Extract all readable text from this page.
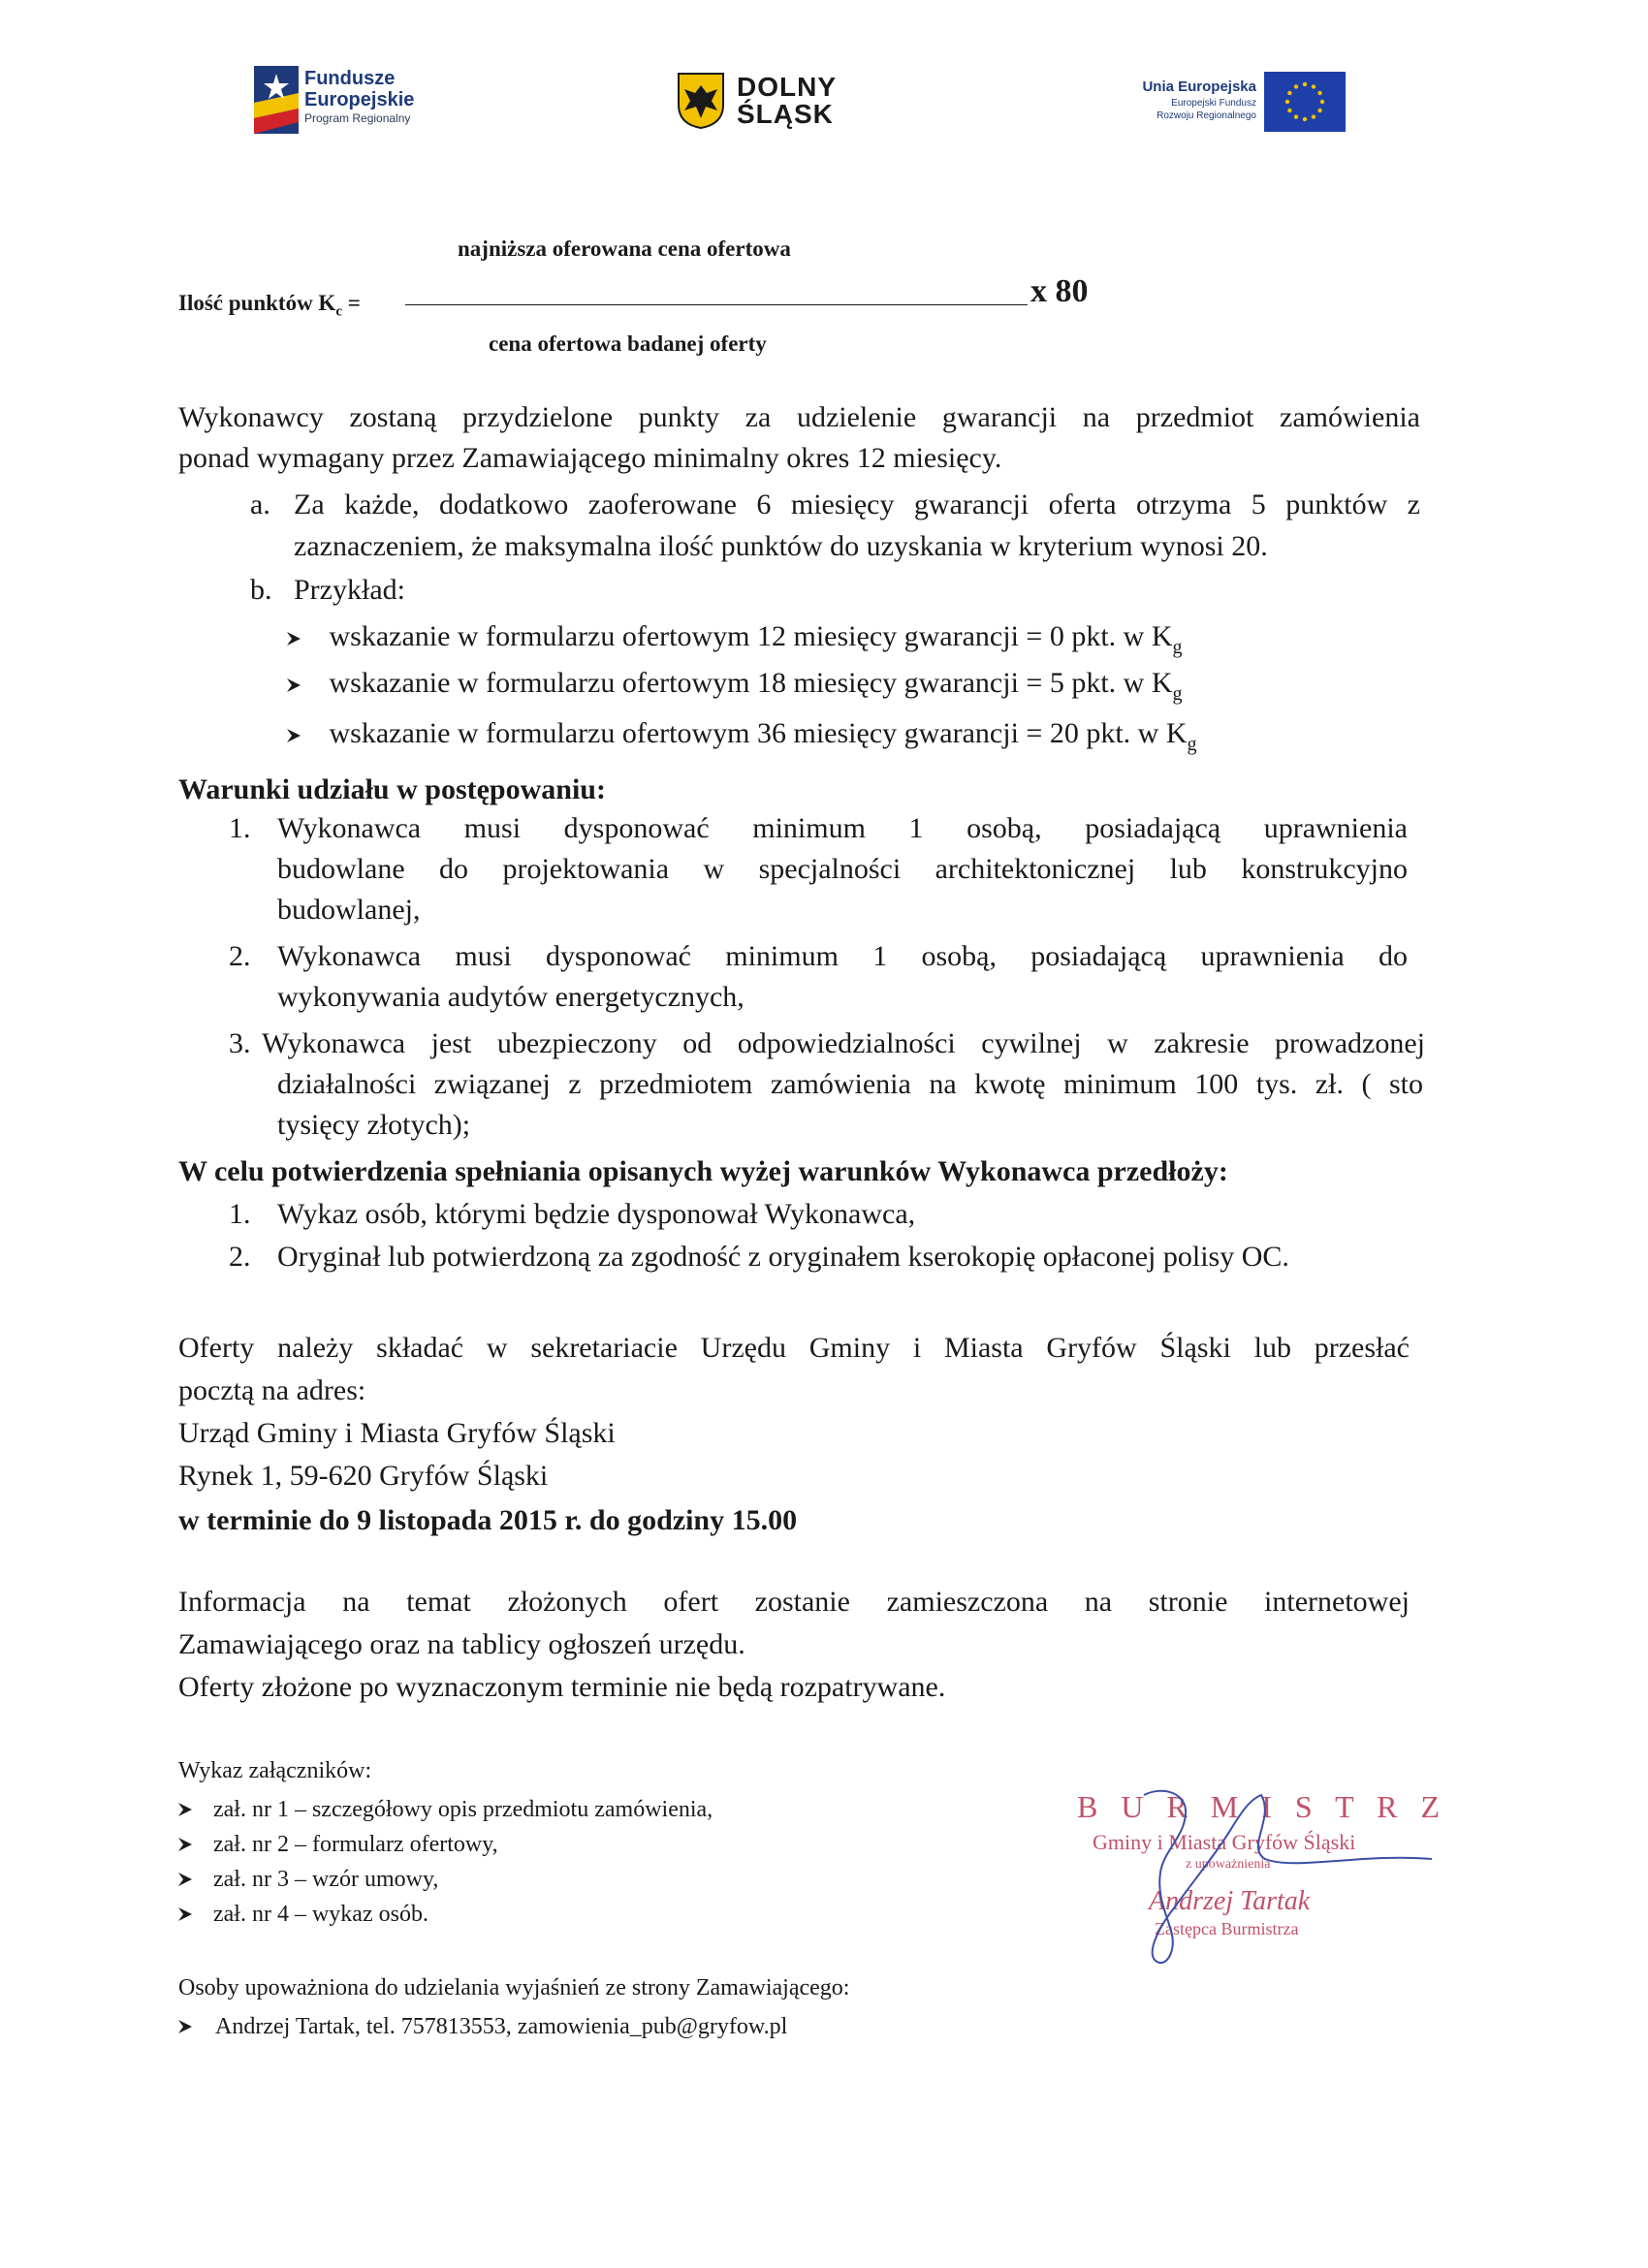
Fundusze
Europejskie
Program Regionalny
DOLNY
ŚLĄSK
Unia Europejska
Europejski Fundusz
Rozwoju Regionalnego
najniższa oferowana cena ofertowa
Ilość punktów $K_c$ =	x 80
cena ofertowa badanej oferty
Wykonawcy zostaną przydzielone punkty za udzielenie gwarancji na przedmiot zamówienia
ponad wymagany przez Zamawiającego minimalny okres 12 miesięcy.
a. Za każde, dodatkowo zaoferowane 6 miesięcy gwarancji oferta otrzyma 5 punktów z
zaznaczeniem, że maksymalna ilość punktów do uzyskania w kryterium wynosi 20.
b. Przykład:
wskazanie w formularzu ofertowym 12 miesięcy gwarancji = 0 pkt. w $K_g$
wskazanie w formularzu ofertowym 18 miesięcy gwarancji = 5 pkt. w $K_g$
wskazanie w formularzu ofertowym 36 miesięcy gwarancji = 20 pkt. w $K_g$
Warunki udziału w postępowaniu:
1. Wykonawca musi dysponować minimum 1 osobą, posiadającą uprawnienia
budowlane do projektowania w specjalności architektonicznej lub konstrukcyjno
budowlanej,
2. Wykonawca musi dysponować minimum 1 osobą, posiadającą uprawnienia do
wykonywania audytów energetycznych,
3. Wykonawca jest ubezpieczony od odpowiedzialności cywilnej w zakresie prowadzonej
działalności związanej z przedmiotem zamówienia na kwotę minimum 100 tys. zł. ( sto
tysięcy złotych);
W celu potwierdzenia spełniania opisanych wyżej warunków Wykonawca przedłoży:
1. Wykaz osób, którymi będzie dysponował Wykonawca,
2. Oryginał lub potwierdzoną za zgodność z oryginałem kserokopię opłaconej polisy OC.
Oferty należy składać w sekretariacie Urzędu Gminy i Miasta Gryfów Śląski lub przesłać
pocztą na adres:
Urząd Gminy i Miasta Gryfów Śląski
Rynek 1, 59-620 Gryfów Śląski
w terminie do 9 listopada 2015 r. do godziny 15.00
Informacja na temat złożonych ofert zostanie zamieszczona na stronie internetowej
Zamawiającego oraz na tablicy ogłoszeń urzędu.
Oferty złożone po wyznaczonym terminie nie będą rozpatrywane.
Wykaz załączników:
zał. nr 1 – szczegółowy opis przedmiotu zamówienia,
zał. nr 2 – formularz ofertowy,
zał. nr 3 – wzór umowy,
zał. nr 4 – wykaz osób.
Osoby upoważniona do udzielania wyjaśnień ze strony Zamawiającego:
Andrzej Tartak, tel. 757813553, zamowienia_pub@gryfow.pl
B U R M I S T R Z
Gminy i Miasta Gryfów Śląski
z upoważnienia
Andrzej Tartak
Zastępca Burmistrza
